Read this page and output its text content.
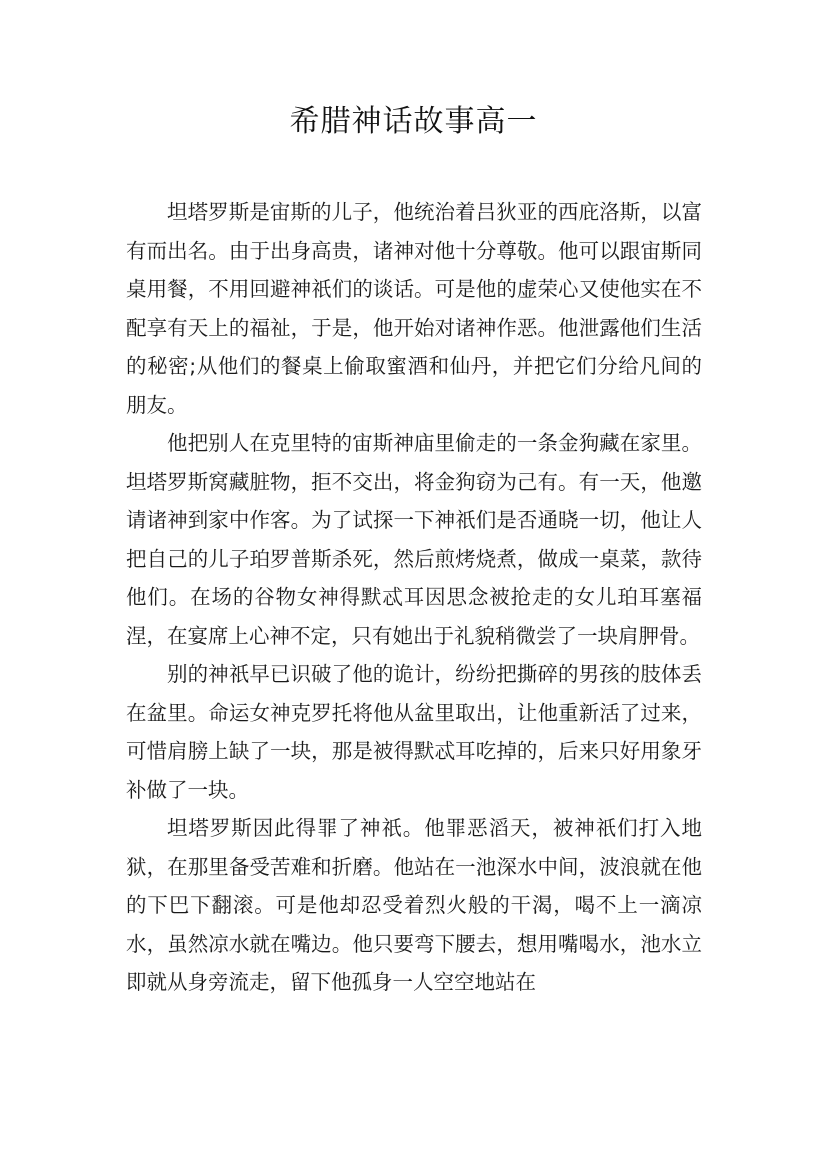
希腊神话故事高一

坦塔罗斯是宙斯的儿子，他统治着吕狄亚的西庇洛斯，以富有而出名。由于出身高贵，诸神对他十分尊敬。他可以跟宙斯同桌用餐，不用回避神祇们的谈话。可是他的虚荣心又使他实在不配享有天上的福祉，于是，他开始对诸神作恶。他泄露他们生活的秘密;从他们的餐桌上偷取蜜酒和仙丹，并把它们分给凡间的朋友。

他把别人在克里特的宙斯神庙里偷走的一条金狗藏在家里。坦塔罗斯窝藏脏物，拒不交出，将金狗窃为己有。有一天，他邀请诸神到家中作客。为了试探一下神祇们是否通晓一切，他让人把自己的儿子珀罗普斯杀死，然后煎烤烧煮，做成一桌菜，款待他们。在场的谷物女神得默忒耳因思念被抢走的女儿珀耳塞福涅，在宴席上心神不定，只有她出于礼貌稍微尝了一块肩胛骨。

别的神祇早已识破了他的诡计，纷纷把撕碎的男孩的肢体丢在盆里。命运女神克罗托将他从盆里取出，让他重新活了过来，可惜肩膀上缺了一块，那是被得默忒耳吃掉的，后来只好用象牙补做了一块。

坦塔罗斯因此得罪了神祇。他罪恶滔天，被神祇们打入地狱，在那里备受苦难和折磨。他站在一池深水中间，波浪就在他的下巴下翻滚。可是他却忍受着烈火般的干渴，喝不上一滴凉水，虽然凉水就在嘴边。他只要弯下腰去，想用嘴喝水，池水立即就从身旁流走，留下他孤身一人空空地站在
